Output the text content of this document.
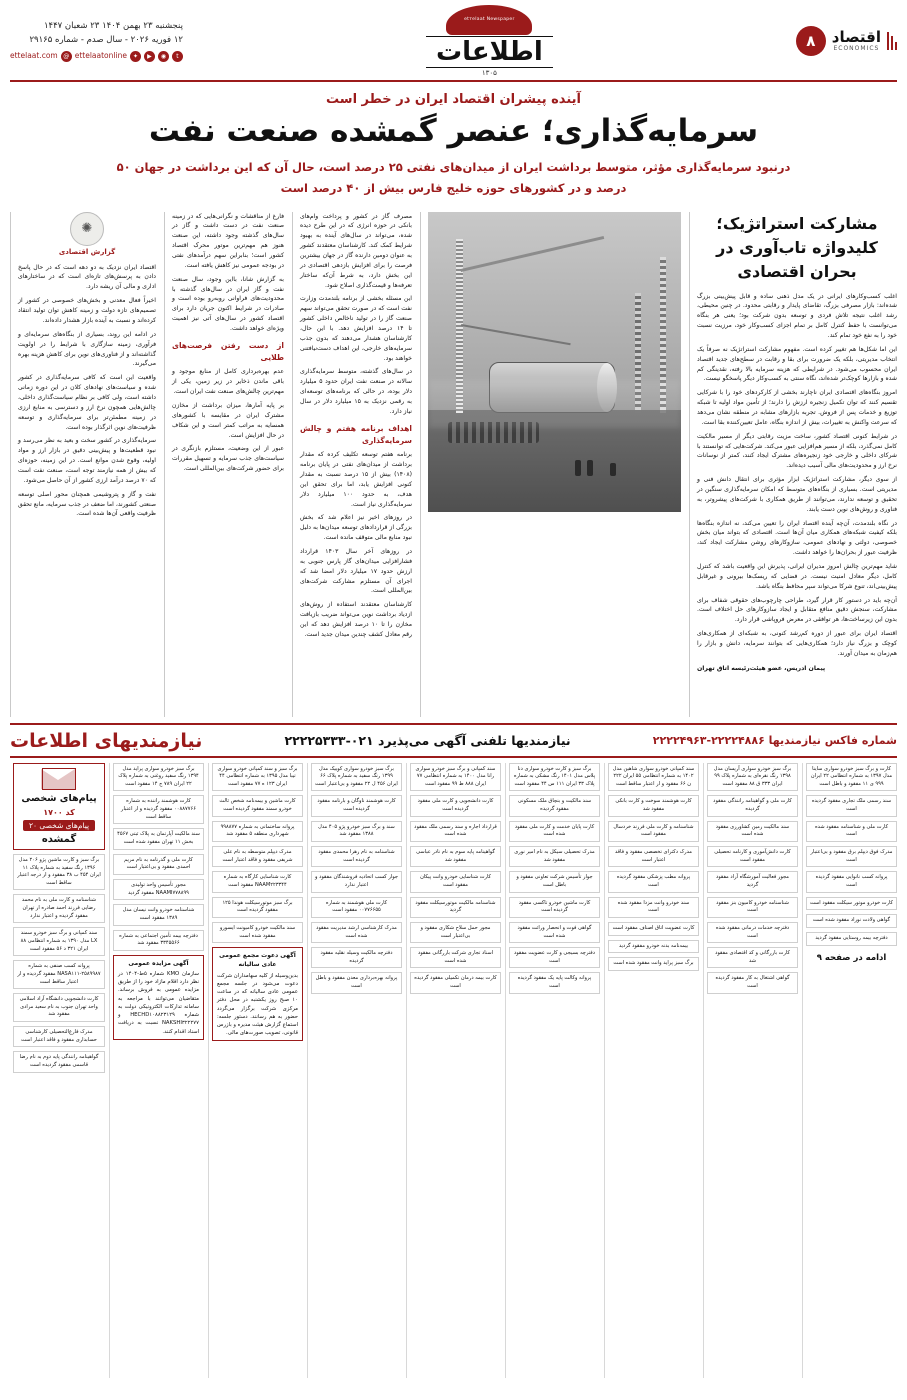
۸	اقتصاد
ECONOMICS
etтelaat Newspaper
اطلاعات
۱۳۰۵
پنجشنبه ۲۳ بهمن ۱۴۰۴ ۲۳ شعبان ۱۴۴۷
۱۲ فوریه ۲۰۲۶ - سال صدم - شماره ۲۹۱۶۵
t
◉
▶
✦
ettelaatonline
@
ettelaat.com
آینده پیشران اقتصاد ایران در خطر است
سرمایه‌گذاری؛ عنصر گمشده صنعت نفت
درنبود سرمایه‌گذاری مؤثر، متوسط برداشت ایران از میدان‌های نفتی ۲۵ درصد است، حال آن که این برداشت در جهان ۵۰ درصد و در کشورهای حوزه خلیج فارس بیش از ۴۰ درصد است
مشارکت استراتژیک؛ کلیدواژه تاب‌آوری در بحران اقتصادی

اغلب کسب‌وکارهای ایرانی در یک مدل ذهنی ساده و قابل پیش‌بینی بزرگ شده‌اند: بازار مصرفی بزرگ، تقاضای پایدار و رقابتی محدود. در چنین محیطی، رشد اغلب نتیجه تلاش فردی و توسعه بدون شرکت بود؛ یعنی هر بنگاه می‌توانست با حفظ کنترل کامل بر تمام اجزای کسب‌وکار خود، مرزیت نسبت خود را به نفع خود تمام کند.

این اما شکل‌ها هم تغییر کرده است. مفهوم مشارکت استراتژیک نه صرفاً یک انتخاب مدیریتی، بلکه یک ضرورت برای بقا و رقابت در سطح‌های جدید اقتصاد ایران محسوب می‌شود. در شرایطی که هزینه سرمایه بالا رفته، نقدینگی کم شده و بازارها کوچک‌تر شده‌اند، نگاه سنتی به کسب‌وکار دیگر پاسخگو نیست.

امروز بنگاه‌های اقتصادی ایران ناچارند بخشی از کارکردهای خود را با شرکایی تقسیم کنند که توان تکمیل زنجیره ارزش را دارند؛ از تأمین مواد اولیه تا شبکه توزیع و خدمات پس از فروش. تجربه بازارهای مشابه در منطقه نشان می‌دهد که سرعت واکنش به تغییرات، بیش از اندازه بنگاه، عامل تعیین‌کننده بقا است.

در شرایط کنونی اقتصاد کشور، ساخت مزیت رقابتی دیگر از مسیر مالکیت کامل نمی‌گذرد، بلکه از مسیر هم‌افزایی عبور می‌کند. شرکت‌هایی که توانستند با شرکای داخلی و خارجی خود زنجیره‌های مشترک ایجاد کنند، کمتر از نوسانات نرخ ارز و محدودیت‌های مالی آسیب دیده‌اند.

از سوی دیگر، مشارکت استراتژیک ابزار مؤثری برای انتقال دانش فنی و مدیریتی است. بسیاری از بنگاه‌های متوسط که امکان سرمایه‌گذاری سنگین در تحقیق و توسعه ندارند، می‌توانند از طریق همکاری با شرکت‌های پیشروتر، به فناوری و روش‌های نوین دست یابند.

در نگاه بلندمدت، آن‌چه آینده اقتصاد ایران را تعیین می‌کند، نه اندازه بنگاه‌ها بلکه کیفیت شبکه‌های همکاری میان آن‌ها است. اقتصادی که بتواند میان بخش خصوصی، دولتی و نهادهای عمومی، سازوکارهای روشن مشارکت ایجاد کند، ظرفیت عبور از بحران‌ها را خواهد داشت.

شاید مهم‌ترین چالش امروز مدیران ایرانی، پذیرش این واقعیت باشد که کنترل کامل، دیگر معادل امنیت نیست. در فضایی که ریسک‌ها بیرونی و غیرقابل پیش‌بینی‌اند، تنوع شرکا می‌تواند سپر محافظ بنگاه باشد.

آن‌چه باید در دستور کار قرار گیرد، طراحی چارچوب‌های حقوقی شفاف برای مشارکت، سنجش دقیق منافع متقابل و ایجاد سازوکارهای حل اختلاف است. بدون این زیرساخت‌ها، هر توافقی در معرض فروپاشی قرار دارد.

اقتصاد ایران برای عبور از دوره کم‌رشد کنونی، به شبکه‌ای از همکاری‌های کوچک و بزرگ نیاز دارد؛ همکاری‌هایی که بتوانند سرمایه، دانش و بازار را هم‌زمان به میدان آورند.

پیمان ادریس، عضو هیئت‌رئیسه اتاق تهران

مصرف گاز در کشور و پرداخت وام‌های بانکی در حوزه انرژی که در این طرح دیده شده، می‌تواند در سال‌های آینده به بهبود شرایط کمک کند. کارشناسان معتقدند کشور به عنوان دومین دارنده گاز در جهان بیشترین فرصت را برای افزایش بازدهی اقتصادی در این بخش دارد، به شرط آن‌که ساختار تعرفه‌ها و قیمت‌گذاری اصلاح شود.

این مسئله بخشی از برنامه بلندمدت وزارت نفت است که در صورت تحقق می‌تواند سهم صنعت گاز را در تولید ناخالص داخلی کشور تا ۱۴ درصد افزایش دهد. با این حال، کارشناسان هشدار می‌دهند که بدون جذب سرمایه‌های خارجی، این اهداف دست‌نیافتنی خواهند بود.

در سال‌های گذشته، متوسط سرمایه‌گذاری سالانه در صنعت نفت ایران حدود ۵ میلیارد دلار بوده، در حالی که برنامه‌های توسعه‌ای به رقمی نزدیک به ۱۵ میلیارد دلار در سال نیاز دارد.

اهداف برنامه هفتم و چالش سرمایه‌گذاری

برنامه هفتم توسعه تکلیف کرده که مقدار برداشت از میدان‌های نفتی در پایان برنامه (۱۴۰۸) بیش از ۱۵ درصد نسبت به مقدار کنونی افزایش یابد، اما برای تحقق این هدف، به حدود ۱۰۰ میلیارد دلار سرمایه‌گذاری نیاز است.

در روزهای اخیر نیز اعلام شد که بخش بزرگی از قراردادهای توسعه میدان‌ها به دلیل نبود منابع مالی متوقف مانده است.

در روزهای آخر سال ۱۴۰۳ قرارداد فشارافزایی میدان‌های گاز پارس جنوبی به ارزش حدود ۱۷ میلیارد دلار امضا شد که اجرای آن مستلزم مشارکت شرکت‌های بین‌المللی است.

کارشناسان معتقدند استفاده از روش‌های ازدیاد برداشت نوین می‌تواند ضریب بازیافت مخازن را تا ۱۰ درصد افزایش دهد که این رقم معادل کشف چندین میدان جدید است.

فارغ از مناقشات و نگرانی‌هایی که در زمینه صنعت نفت در دست داشت و گاز در سال‌های گذشته وجود داشته، این صنعت هنوز هم مهم‌ترین موتور محرک اقتصاد کشور است؛ بنابراین سهم درآمدهای نفتی در بودجه عمومی نیز کاهش یافته است.

به گزارش شانا، بااین وجود، سال صنعت نفت و گاز ایران در سال‌های گذشته با محدودیت‌های فراوانی روبه‌رو بوده است و صادرات در شرایط اکنون جریان دارد برای اقتصاد کشور در سال‌های آتی نیز اهمیت ویژه‌ای خواهد داشت.

از دست رفتن فرصت‌های طلایی

عدم بهره‌برداری کامل از منابع موجود و باقی ماندن ذخایر در زیر زمین، یکی از مهم‌ترین چالش‌های صنعت نفت ایران است.

بر پایه آمارها، میزان برداشت از مخازن مشترک ایران در مقایسه با کشورهای همسایه به مراتب کمتر است و این شکاف در حال افزایش است.

عبور از این وضعیت، مستلزم بازنگری در سیاست‌های جذب سرمایه و تسهیل مقررات برای حضور شرکت‌های بین‌المللی است.

✺
گزارش اقتصادی

اقتصاد ایران نزدیک به دو دهه است که در حال پاسخ دادن به پرسش‌های تازه‌ای است که در ساختارهای اداری و مالی آن ریشه دارد.

اخیراً فعال معدنی و بخش‌های خصوصی در کشور از تصمیم‌های تازه دولت و زمینه کاهش توان تولید انتقاد کرده‌اند و نسبت به آینده بازار هشدار داده‌اند.

در ادامه این روند، بسیاری از بنگاه‌های سرمایه‌ای و فرآوری، زمینه سازگاری با شرایط را در اولویت گذاشته‌اند و از فناوری‌های نوین برای کاهش هزینه بهره می‌گیرند.

واقعیت این است که کافی سرمایه‌گذاری در کشور شده و سیاست‌های نهاد‌های کلان در این دوره زمانی داشته است، ولی کافی بر نظام سیاست‌گذاری داخلی، چالش‌هایی همچون نرخ ارز و دسترسی به منابع ارزی در زمینه مطمئن‌تر برای سرمایه‌گذاری و توسعه ظرفیت‌های نوین اثرگذار بوده است.

سرمایه‌گذاری در کشور سخت و بعید به نظر می‌رسد و نبود قطعیت‌ها و پیش‌بینی دقیق در بازار ارز و مواد اولیه، وقوع شدن موانع است. در این زمینه، حوزه‌ای که بیش از همه نیازمند توجه است، صنعت نفت است که ۷۰ درصد درآمد ارزی کشور از آن حاصل می‌شود.

نفت و گاز و پتروشیمی همچنان محور اصلی توسعه صنعتی کشورند، اما ضعف در جذب سرمایه، مانع تحقق ظرفیت واقعی آن‌ها شده است.

شماره فاکس نیازمندیها ۲۲۲۲۴۸۸۶-۲۲۲۲۴۹۶۳
نیازمندیها تلفنی آگهی می‌پذیرد ۰۲۱-۲۲۲۲۵۳۳۳
نیازمندیهای اطلاعات
کارت و برگ سبز خودرو سواری ساینا مدل ۱۳۹۷ به شماره انتظامی ۲۲ ایران ۹۹۹ ی ۱۱ مفقود و باطل است
سند رسمی ملک تجاری مفقود گردیده است
کارت ملی و شناسنامه مفقود شده است
مدرک فوق دیپلم برق مفقود و بی‌اعتبار است
پروانه کسب نانوایی مفقود گردیده است
کارت خودرو موتور سیکلت مفقود است
گواهی ولادت نوزاد مفقود شده است
دفترچه بیمه روستایی مفقود گردید
ادامه در صفحه ۹
برگ سبز خودرو سواری آریسان مدل ۱۳۹۸ رنگ نقره‌ای به شماره پلاک ۹۹ ایران ۳۳۳ ق ۸۸ مفقود است
کارت ملی و گواهینامه رانندگی مفقود گردیده
سند مالکیت زمین کشاورزی مفقود شده است
کارت دانش‌آموزی و کارنامه تحصیلی مفقود است
مجوز فعالیت آموزشگاه آزاد مفقود گردید
شناسنامه خودرو کامیون بنز مفقود است
دفترچه خدمات درمانی مفقود شده است
کارت بازرگانی و کد اقتصادی مفقود شد
گواهی اشتغال به کار مفقود گردیده است
سند کمپانی خودرو سواری شاهین مدل ۱۴۰۲ به شماره انتظامی ۵۵ ایران ۲۲۲ ن ۶۶ مفقود و از اعتبار ساقط است
کارت هوشمند سوخت و کارت بانکی مفقود شد
شناسنامه و کارت ملی فرزند خردسال مفقود است
مدرک دکترای تخصصی مفقود و فاقد اعتبار است
پروانه مطب پزشکی مفقود گردیده است
سند خودرو وانت مزدا مفقود شده است
کارت عضویت اتاق اصناف مفقود است
بیمه‌نامه بدنه خودرو مفقود گردید
برگ سبز پراید وانت مفقود شده است
برگ سبز و کارت خودرو سواری دنا پلاس مدل ۱۴۰۱ رنگ مشکی به شماره پلاک ۳۳ ایران ۱۱۱ س ۴۴ مفقود است
سند مالکیت و بنچاق ملک مسکونی مفقود گردیده
کارت پایان خدمت و کارت ملی مفقود شده است
مدرک تحصیلی سیکل به نام امیر نوری مفقود شد
جواز تأسیس شرکت تعاونی مفقود و باطل است
کارت ماشین خودرو تاکسی مفقود گردیده است
گواهی فوت و انحصار وراثت مفقود شده است
دفترچه بسیجی و کارت عضویت مفقود است
پروانه وکالت پایه یک مفقود گردیده است
سند کمپانی و برگ سبز خودرو سواری رانا مدل ۱۴۰۰ به شماره انتظامی ۷۷ ایران ۸۸۸ ط ۹۹ مفقود است
کارت دانشجویی و کارت ملی مفقود گردیده است
قرارداد اجاره و سند رسمی ملک مفقود شده است
گواهینامه پایه سوم به نام نادر عباسی مفقود شد
کارت شناسایی خودرو وانت پیکان مفقود است
شناسنامه مالکیت موتورسیکلت مفقود گردید
مجوز حمل سلاح شکاری مفقود و بی‌اعتبار است
اسناد تجاری شرکت بازرگانی مفقود شده است
کارت بیمه درمان تکمیلی مفقود گردیده است
برگ سبز خودرو سواری کوییک مدل ۱۳۹۹ رنگ سفید به شماره پلاک ۶۶ ایران ۴۵۶ ل ۲۲ مفقود و بی‌اعتبار است
کارت هوشمند ناوگان و بارنامه مفقود گردیده است
سند و برگ سبز خودرو پژو ۴۰۵ مدل ۱۳۸۸ مفقود شد
شناسنامه به نام زهرا محمدی مفقود گردیده است
جواز کسب اتحادیه فروشندگان مفقود و اعتبار ندارد
کارت ملی هوشمند به شماره ۰۰۷۷۶۶۵۵ مفقود است
مدرک کارشناسی ارشد مدیریت مفقود شده است
دفترچه مالکیت وسیله نقلیه مفقود گردیده
پروانه بهره‌برداری معدن مفقود و باطل است
برگ سبز و سند کمپانی خودرو سواری تیبا مدل ۱۳۹۵ به شماره انتظامی ۴۴ ایران ۱۲۳ ه ۷۷ مفقود است
کارت ماشین و بیمه‌نامه شخص ثالث خودرو سمند مفقود گردیده است
پروانه ساختمانی به شماره ۹۹۸۸۷۷ شهرداری منطقه ۵ مفقود شد
مدرک دیپلم متوسطه به نام علی شریفی مفقود و فاقد اعتبار است
کارت شناسایی کارگاه به شماره NAAM۲۲۳۳۴۴ مفقود است
برگ سبز موتورسیکلت هوندا ۱۲۵ مفقود گردیده است
سند مالکیت خودرو کامیونت ایسوزو مفقود شده است
آگهی دعوت مجمع عمومی عادی سالیانه
بدین‌وسیله از کلیه سهامداران شرکت دعوت می‌شود در جلسه مجمع عمومی عادی سالیانه که در ساعت ۱۰ صبح روز یکشنبه در محل دفتر مرکزی شرکت برگزار می‌گردد حضور به هم رسانند. دستور جلسه: استماع گزارش هیئت مدیره و بازرس قانونی، تصویب صورت‌های مالی.
برگ سبز خودرو سواری پراید مدل ۱۳۹۴ رنگ سفید روغنی به شماره پلاک ۲۲ ایران ۷۸۹ ج ۱۴ مفقود است
کارت هوشمند راننده به شماره ۰۰۸۸۷۷۶۶ مفقود گردیده و از اعتبار ساقط است
سند مالکیت آپارتمان به پلاک ثبتی ۴۵۶۷ بخش ۱۱ تهران مفقود شده است
کارت ملی و گذرنامه به نام مریم احمدی مفقود و بی‌اعتبار است
مجوز تأسیس واحد تولیدی NAAMI۷۷۸۸۹۹ مفقود گردید
شناسنامه خودرو وانت نیسان مدل ۱۳۸۹ مفقود است
دفترچه بیمه تأمین اجتماعی به شماره ۳۳۴۵۵۶۶ مفقود شد
آگهی مزایده عمومی
سازمان KMO شماره ۵ط-۱۴۰۴ در نظر دارد اقلام مازاد خود را از طریق مزایده عمومی به فروش برساند. متقاضیان می‌توانند با مراجعه به سامانه تدارکات الکترونیکی دولت به شماره HECHD۱۰۸۸۲۳۱۲۹ و NAKSHI۳۲۲۲۷۷ نسبت به دریافت اسناد اقدام کنند.
پیام‌های شخصی
کد ۱۷۰۰
پیام‌های شخصی ۲۰
گمشده
برگ سبز و کارت ماشین پژو ۲۰۶ مدل ۱۳۹۶ رنگ سفید به شماره پلاک ۱۱ ایران ۴۵۴ ب ۳۸ مفقود و از درجه اعتبار ساقط است
شناسنامه و کارت ملی به نام محمد رضایی فرزند احمد صادره از تهران مفقود گردیده و اعتبار ندارد
سند کمپانی و برگ سبز خودرو سمند LX مدل ۱۳۹۰ به شماره انتظامی ۸۸ ایران ۳۲۱ د ۵۶ مفقود است
پروانه کسب صنفی به شماره NASA۱۱۱-۲۵۸۹۹۸۷ مفقود گردیده و از اعتبار ساقط است
کارت دانشجویی دانشگاه آزاد اسلامی واحد تهران جنوب به نام سعید مرادی مفقود شد
مدرک فارغ‌التحصیلی کارشناسی حسابداری مفقود و فاقد اعتبار است
گواهینامه رانندگی پایه دوم به نام رضا قاسمی مفقود گردیده است
